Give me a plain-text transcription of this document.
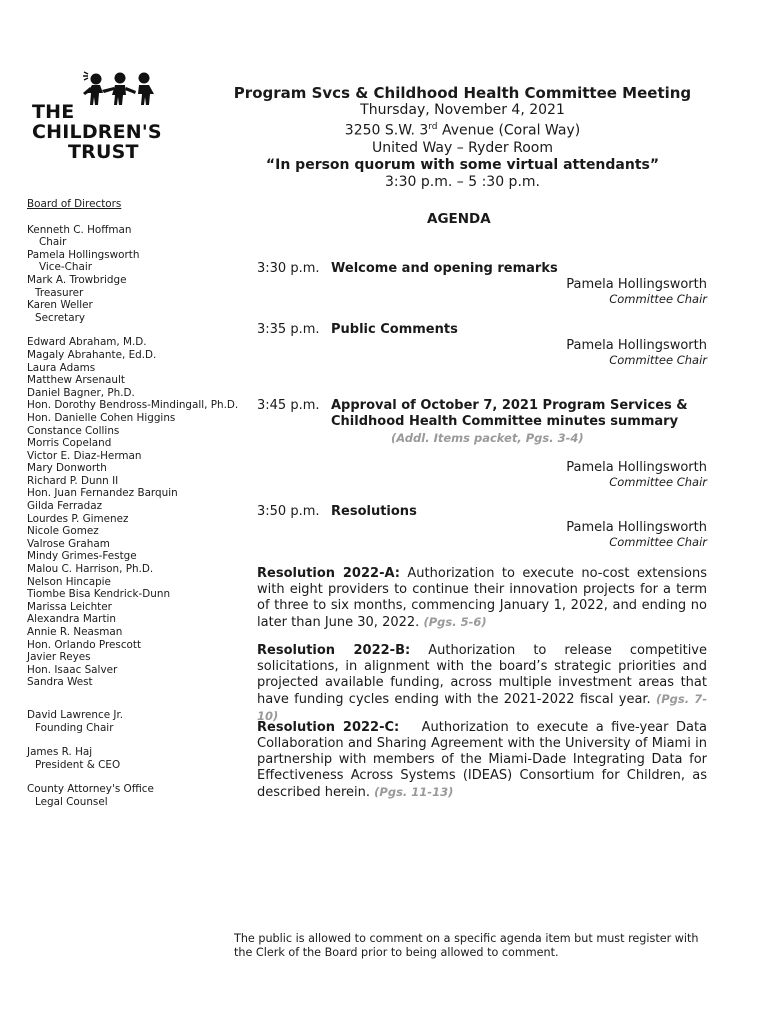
THE
CHILDREN'S
TRUST
Program Svcs & Childhood Health Committee Meeting
Thursday, November 4, 2021
3250 S.W. 3rd Avenue (Coral Way)
United Way – Ryder Room
“In person quorum with some virtual attendants”
3:30 p.m. – 5 :30 p.m.
Board of Directors
Kenneth C. Hoffman
Chair
Pamela Hollingsworth
Vice-Chair
Mark A. Trowbridge
Treasurer
Karen Weller
Secretary
Edward Abraham, M.D.
Magaly Abrahante, Ed.D.
Laura Adams
Matthew Arsenault
Daniel Bagner, Ph.D.
Hon. Dorothy Bendross-Mindingall, Ph.D.
Hon. Danielle Cohen Higgins
Constance Collins
Morris Copeland
Victor E. Diaz-Herman
Mary Donworth
Richard P. Dunn II
Hon. Juan Fernandez Barquin
Gilda Ferradaz
Lourdes P. Gimenez
Nicole Gomez
Valrose Graham
Mindy Grimes-Festge
Malou C. Harrison, Ph.D.
Nelson Hincapie
Tiombe Bisa Kendrick-Dunn
Marissa Leichter
Alexandra Martin
Annie R. Neasman
Hon. Orlando Prescott
Javier Reyes
Hon. Isaac Salver
Sandra West
David Lawrence Jr.
Founding Chair
James R. Haj
President & CEO
County Attorney's Office
Legal Counsel
AGENDA
3:30 p.m. Welcome and opening remarks
Pamela Hollingsworth
Committee Chair
3:35 p.m. Public Comments
Pamela Hollingsworth
Committee Chair
3:45 p.m. Approval of October 7, 2021 Program Services &
Childhood Health Committee minutes summary
(Addl. Items packet, Pgs. 3-4)
Pamela Hollingsworth
Committee Chair
3:50 p.m. Resolutions
Pamela Hollingsworth
Committee Chair
Resolution 2022-A: Authorization to execute no-cost extensions with eight providers to continue their innovation projects for a term of three to six months, commencing January 1, 2022, and ending no later than June 30, 2022. (Pgs. 5-6)
Resolution 2022-B: Authorization to release competitive solicitations, in alignment with the board’s strategic priorities and projected available funding, across multiple investment areas that have funding cycles ending with the 2021-2022 fiscal year. (Pgs. 7-10)
Resolution 2022-C:   Authorization to execute a five-year Data Collaboration and Sharing Agreement with the University of Miami in partnership with members of the Miami-Dade Integrating Data for Effectiveness Across Systems (IDEAS) Consortium for Children, as described herein. (Pgs. 11-13)
The public is allowed to comment on a specific agenda item but must register with the Clerk of the Board prior to being allowed to comment.
